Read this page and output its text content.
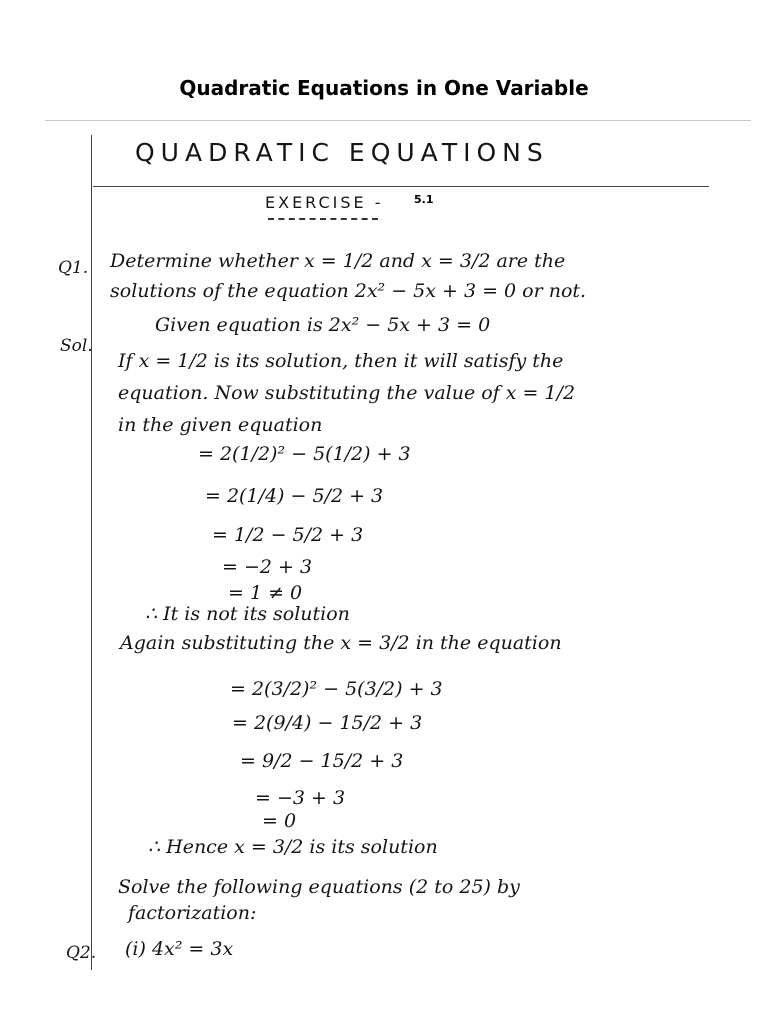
Quadratic Equations in One Variable
QUADRATIC EQUATIONS
EXERCISE -	5.1
Q1. Determine whether x = 1/2 and x = 3/2 are the
solutions of the equation 2x² − 5x + 3 = 0 or not.
Sol.
Given equation is 2x² − 5x + 3 = 0
If x = 1/2 is its solution, then it will satisfy the
equation. Now substituting the value of x = 1/2
in the given equation
= 2(1/2)² − 5(1/2) + 3
= 2(1/4) − 5/2 + 3
= 1/2 − 5/2 + 3
= −2 + 3
= 1 ≠ 0
∴ It is not its solution
Again substituting the x = 3/2 in the equation
= 2(3/2)² − 5(3/2) + 3
= 2(9/4) − 15/2 + 3
= 9/2 − 15/2 + 3
= −3 + 3
= 0
∴ Hence x = 3/2 is its solution
Solve the following equations (2 to 25) by
factorization:
Q2. (i) 4x² = 3x
